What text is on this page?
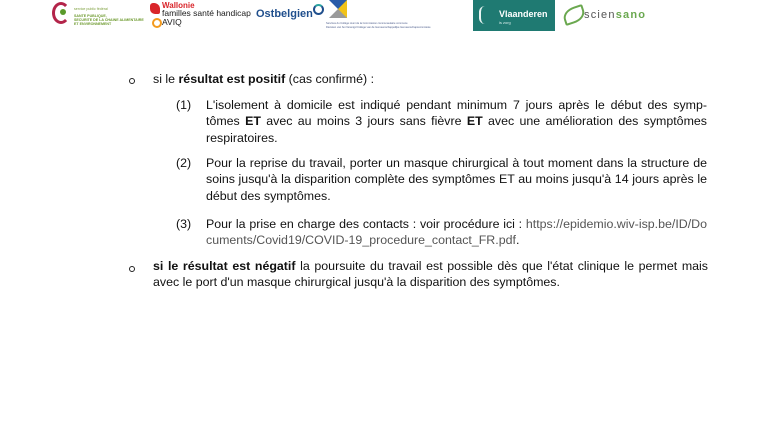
service public fédéral
SANTE PUBLIQUE,
SECURITE DE LA CHAINE ALIMENTAIRE
ET ENVIRONNEMENT
Wallonie
familles santé handicap
AVIQ
Ostbelgien
Services du Collège réuni de la Commission communautaire commune
Diensten van het Verenigd College van de Gemeenschappelijke Gemeenschapscommissie
Vlaanderen
is zorg
sciensano
si le résultat est positif (cas confirmé) :
(1) L'isolement à domicile est indiqué pendant minimum 7 jours après le début des symp-tômes ET avec au moins 3 jours sans fièvre ET avec une amélioration des symptômes respiratoires.
(2) Pour la reprise du travail, porter un masque chirurgical à tout moment dans la structure de soins jusqu'à la disparition complète des symptômes ET au moins jusqu'à 14 jours après le début des symptômes.
(3) Pour la prise en charge des contacts : voir procédure ici : https://epidemio.wiv-isp.be/ID/Documents/Covid19/COVID-19_procedure_contact_FR.pdf.
si le résultat est négatif la poursuite du travail est possible dès que l'état clinique le permet mais avec le port d'un masque chirurgical jusqu'à la disparition des symptômes.
